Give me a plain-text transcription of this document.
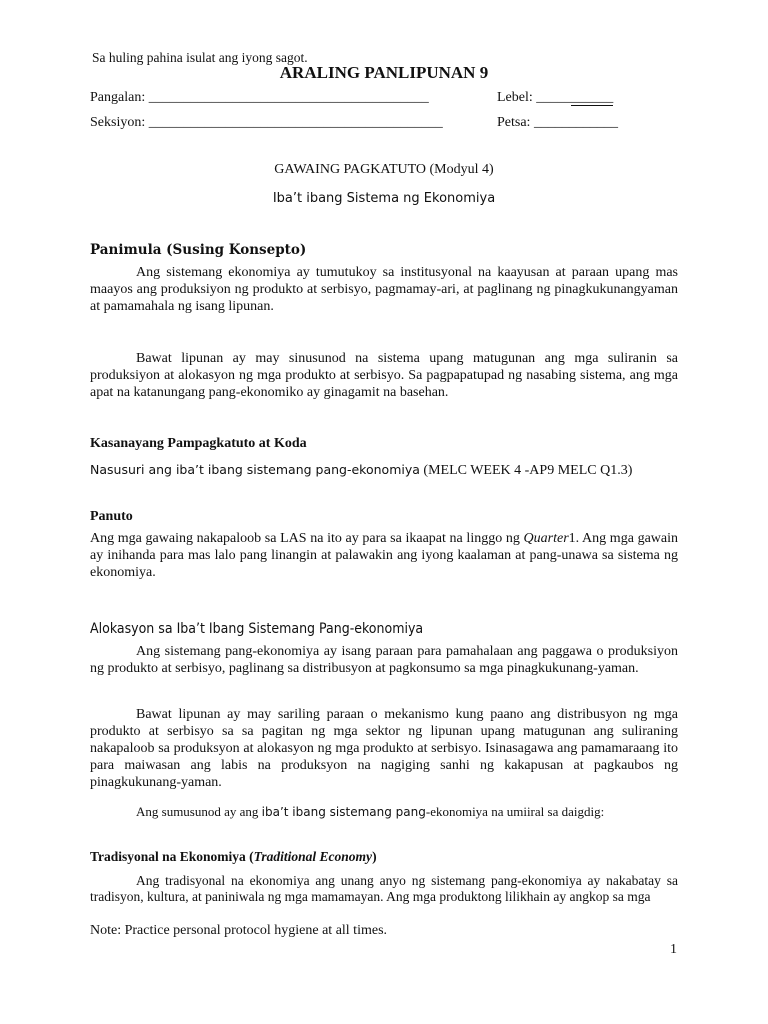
Sa huling pahina isulat ang iyong sagot.
ARALING PANLIPUNAN 9
Pangalan: ________________________________________	Lebel: ___________
Seksiyon: __________________________________________	Petsa: ____________
GAWAING PAGKATUTO (Modyul 4)
Iba’t ibang Sistema ng Ekonomiya
Panimula (Susing Konsepto)
Ang sistemang ekonomiya ay tumutukoy sa institusyonal na kaayusan at paraan upang mas maayos ang produksiyon ng produkto at serbisyo, pagmamay-ari, at paglinang ng pinagkukunangyaman at pamamahala ng isang lipunan.
Bawat lipunan ay may sinusunod na sistema upang matugunan ang mga suliranin sa produksiyon at alokasyon ng mga produkto at serbisyo. Sa pagpapatupad ng nasabing sistema, ang mga apat na katanungang pang-ekonomiko ay ginagamit na basehan.
Kasanayang Pampagkatuto at Koda
Nasusuri ang iba’t ibang sistemang pang-ekonomiya (MELC WEEK 4 -AP9 MELC Q1.3)
Panuto
Ang mga gawaing nakapaloob sa LAS na ito ay para sa ikaapat na linggo ng Quarter1. Ang mga gawain ay inihanda para mas lalo pang linangin at palawakin ang iyong kaalaman at pang-unawa sa sistema ng ekonomiya.
Alokasyon sa Iba’t Ibang Sistemang Pang-ekonomiya
Ang sistemang pang-ekonomiya ay isang paraan para pamahalaan ang paggawa o produksiyon ng produkto at serbisyo, paglinang sa distribusyon at pagkonsumo sa mga pinagkukunang-yaman.
Bawat lipunan ay may sariling paraan o mekanismo kung paano ang distribusyon ng mga produkto at serbisyo sa sa pagitan ng mga sektor ng lipunan upang matugunan ang suliraning nakapaloob sa produksyon at alokasyon ng mga produkto at serbisyo. Isinasagawa ang pamamaraang ito para maiwasan ang labis na produksyon na nagiging sanhi ng kakapusan at pagkaubos ng pinagkukunang-yaman.
Ang sumusunod ay ang iba’t ibang sistemang pang-ekonomiya na umiiral sa daigdig:
Tradisyonal na Ekonomiya (Traditional Economy)
Ang tradisyonal na ekonomiya ang unang anyo ng sistemang pang-ekonomiya ay nakabatay sa tradisyon, kultura, at paniniwala ng mga mamamayan. Ang mga produktong lilikhain ay angkop sa mga
Note: Practice personal protocol hygiene at all times.
1
